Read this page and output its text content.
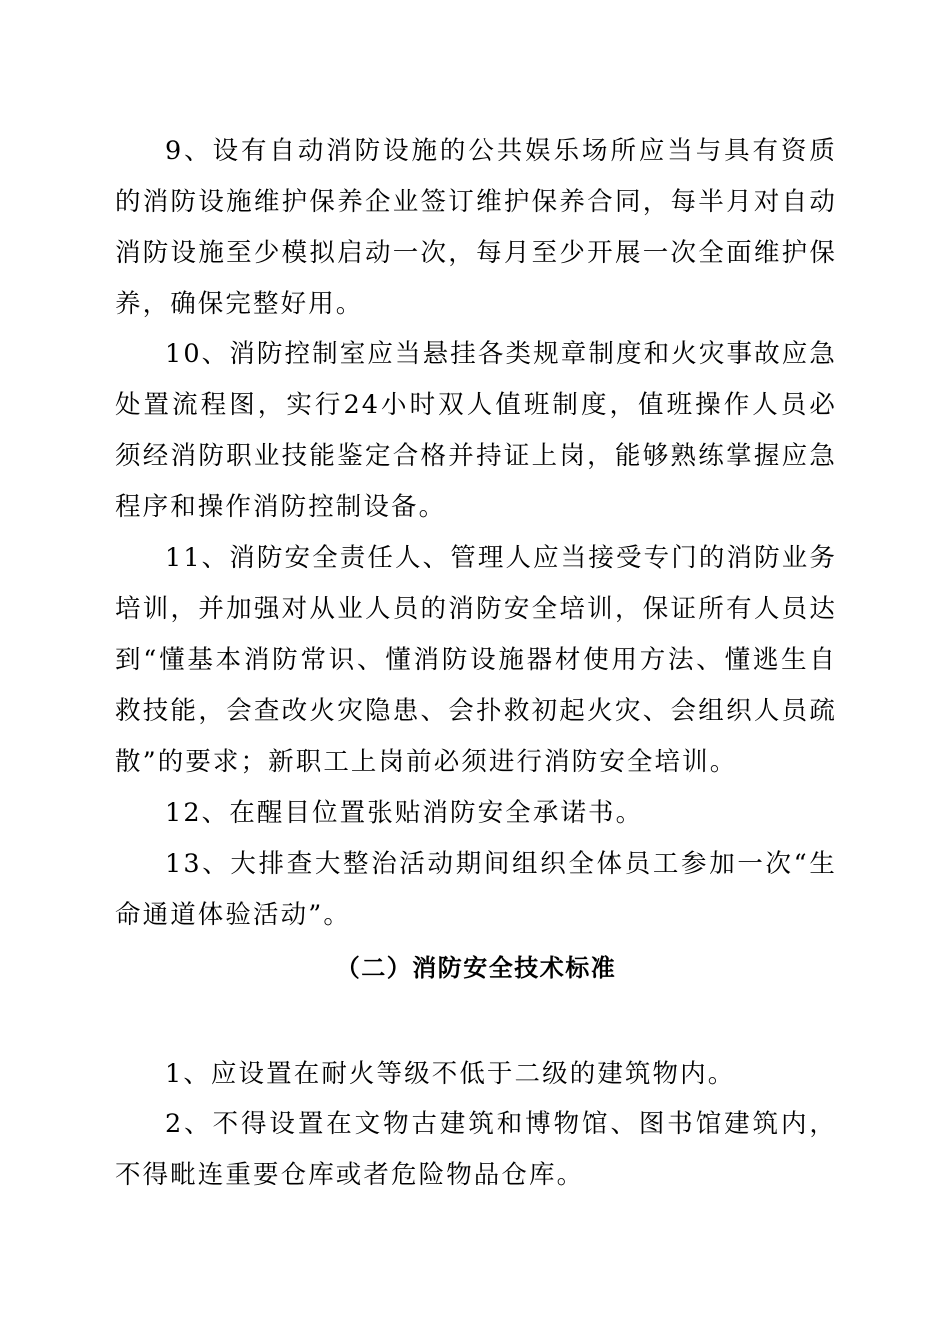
9、设有自动消防设施的公共娱乐场所应当与具有资质的消防设施维护保养企业签订维护保养合同，每半月对自动消防设施至少模拟启动一次，每月至少开展一次全面维护保养，确保完整好用。

10、消防控制室应当悬挂各类规章制度和火灾事故应急处置流程图，实行24小时双人值班制度，值班操作人员必须经消防职业技能鉴定合格并持证上岗，能够熟练掌握应急程序和操作消防控制设备。

11、消防安全责任人、管理人应当接受专门的消防业务培训，并加强对从业人员的消防安全培训，保证所有人员达到“懂基本消防常识、懂消防设施器材使用方法、懂逃生自救技能，会查改火灾隐患、会扑救初起火灾、会组织人员疏散”的要求；新职工上岗前必须进行消防安全培训。

12、在醒目位置张贴消防安全承诺书。

13、大排查大整治活动期间组织全体员工参加一次“生命通道体验活动”。

（二）消防安全技术标准

1、应设置在耐火等级不低于二级的建筑物内。

2、不得设置在文物古建筑和博物馆、图书馆建筑内，不得毗连重要仓库或者危险物品仓库。
